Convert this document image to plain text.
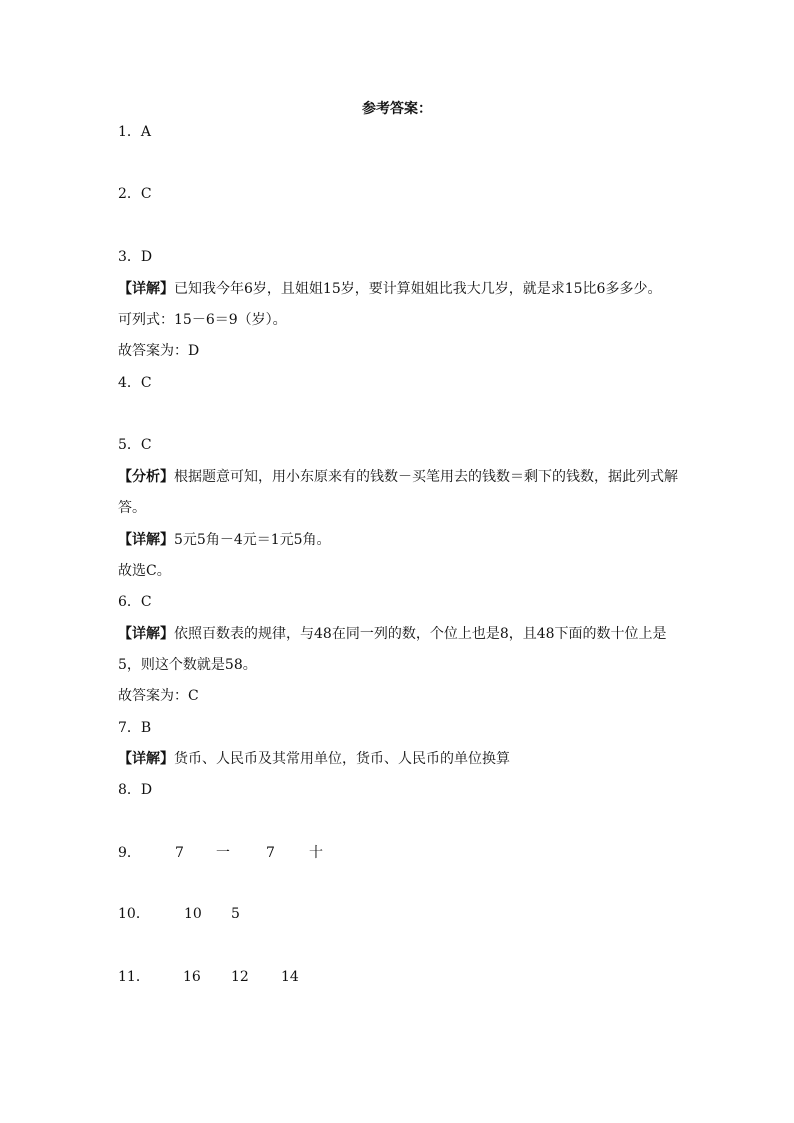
参考答案：
1．A
2．C
3．D
【详解】已知我今年6岁，且姐姐15岁，要计算姐姐比我大几岁，就是求15比6多多少。
可列式：15－6＝9（岁）。
故答案为：D
4．C
5．C
【分析】根据题意可知，用小东原来有的钱数－买笔用去的钱数＝剩下的钱数，据此列式解
答。
【详解】5元5角－4元＝1元5角。
故选C。
6．C
【详解】依照百数表的规律，与48在同一列的数，个位上也是8，且48下面的数十位上是
5，则这个数就是58。
故答案为：C
7．B
【详解】货币、人民币及其常用单位，货币、人民币的单位换算
8．D
9． 7 一	7 十
10． 10 5
11． 16 12 14
